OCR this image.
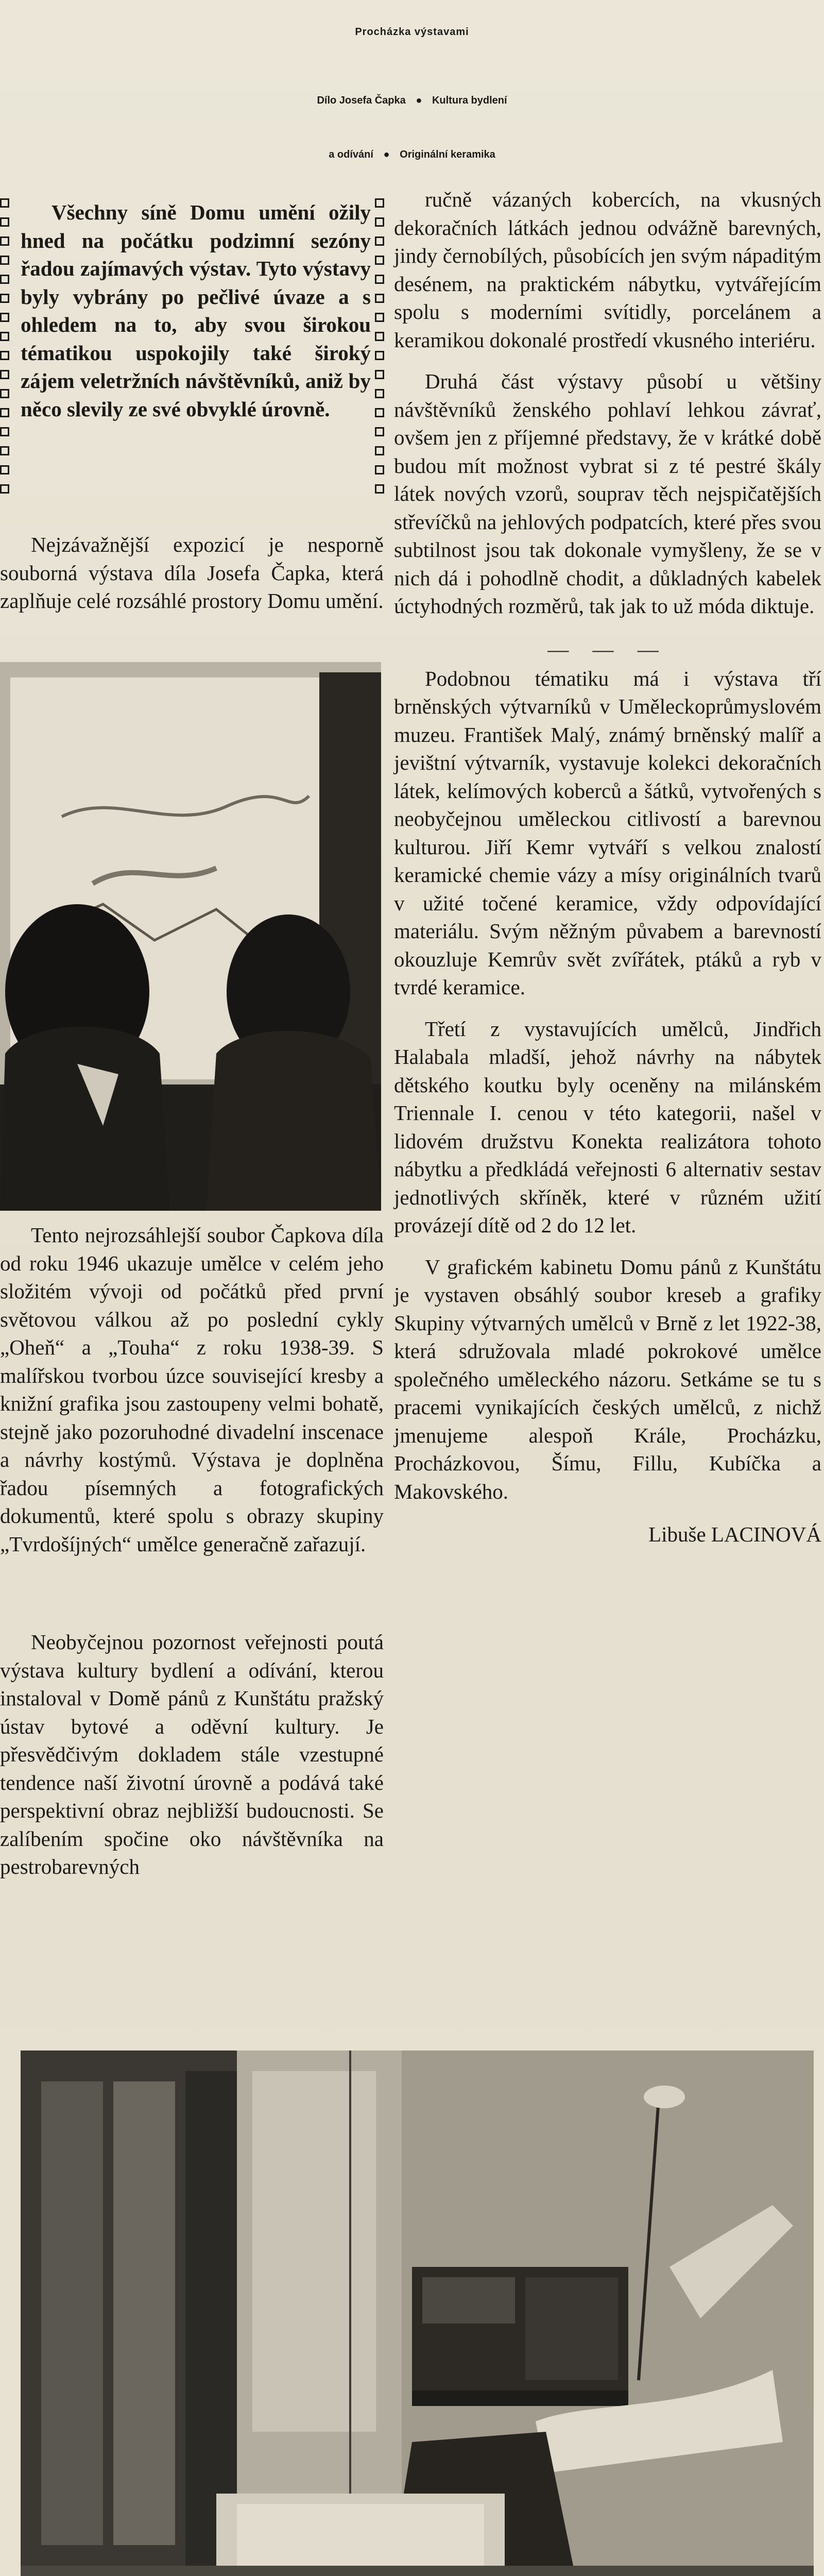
Procházka výstavami
Dílo Josefa Čapka ● Kultura bydlení
a odívání ● Originální keramika

Všechny síně Domu umění ožily hned na počátku podzimní sezóny řadou zajímavých výstav. Tyto výstavy byly vybrány po pečlivé úvaze a s ohledem na to, aby svou širokou tématikou uspokojily také široký zájem veletržních návštěvníků, aniž by něco slevily ze své obvyklé úrovně.

Nejzávažnější expozicí je nesporně souborná výstava díla Josefa Čapka, která zaplňuje celé rozsáhlé prostory Domu umění.

Tento nejrozsáhlejší soubor Čapkova díla od roku 1946 ukazuje umělce v celém jeho složitém vývoji od počátků před první světovou válkou až po poslední cykly „Oheň“ a „Touha“ z roku 1938-39. S malířskou tvorbou úzce související kresby a knižní grafika jsou zastoupeny velmi bohatě, stejně jako pozoruhodné divadelní inscenace a návrhy kostýmů. Výstava je doplněna řadou písemných a fotografických dokumentů, které spolu s obrazy skupiny „Tvrdošíjných“ umělce generačně zařazují.

Neobyčejnou pozornost veřejnosti poutá výstava kultury bydlení a odívání, kterou instaloval v Domě pánů z Kunštátu pražský ústav bytové a oděvní kultury. Je přesvědčivým dokladem stále vzestupné tendence naší životní úrovně a podává také perspektivní obraz nejbližší budoucnosti. Se zalíbením spočine oko návštěvníka na pestrobarevných

ručně vázaných kobercích, na vkusných dekoračních látkách jednou odvážně barevných, jindy černobílých, působících jen svým nápaditým desénem, na praktickém nábytku, vytvářejícím spolu s moderními svítidly, porcelánem a keramikou dokonalé prostředí vkusného interiéru.

Druhá část výstavy působí u většiny návštěvníků ženského pohlaví lehkou závrať, ovšem jen z příjemné představy, že v krátké době budou mít možnost vybrat si z té pestré škály látek nových vzorů, souprav těch nejspičatějších střevíčků na jehlových podpatcích, které přes svou subtilnost jsou tak dokonale vymyšleny, že se v nich dá i pohodlně chodit, a důkladných kabelek úctyhodných rozměrů, tak jak to už móda diktuje.

— — —

Podobnou tématiku má i výstava tří brněnských výtvarníků v Uměleckoprůmyslovém muzeu. František Malý, známý brněnský malíř a jevištní výtvarník, vystavuje kolekci dekoračních látek, kelímových koberců a šátků, vytvořených s neobyčejnou uměleckou citlivostí a barevnou kulturou. Jiří Kemr vytváří s velkou znalostí keramické chemie vázy a mísy originálních tvarů v užité točené keramice, vždy odpovídající materiálu. Svým něžným půvabem a barevností okouzluje Kemrův svět zvířátek, ptáků a ryb v tvrdé keramice.

Třetí z vystavujících umělců, Jindřich Halabala mladší, jehož návrhy na nábytek dětského koutku byly oceněny na milánském Triennale I. cenou v této kategorii, našel v lidovém družstvu Konekta realizátora tohoto nábytku a předkládá veřejnosti 6 alternativ sestav jednotlivých skříněk, které v různém užití provázejí dítě od 2 do 12 let.

V grafickém kabinetu Domu pánů z Kunštátu je vystaven obsáhlý soubor kreseb a grafiky Skupiny výtvarných umělců v Brně z let 1922-38, která sdružovala mladé pokrokové umělce společného uměleckého názoru. Setkáme se tu s pracemi vynikajících českých umělců, z nichž jmenujeme alespoň Krále, Procházku, Procházkovou, Šímu, Fillu, Kubíčka a Makovského.

Libuše LACINOVÁ
